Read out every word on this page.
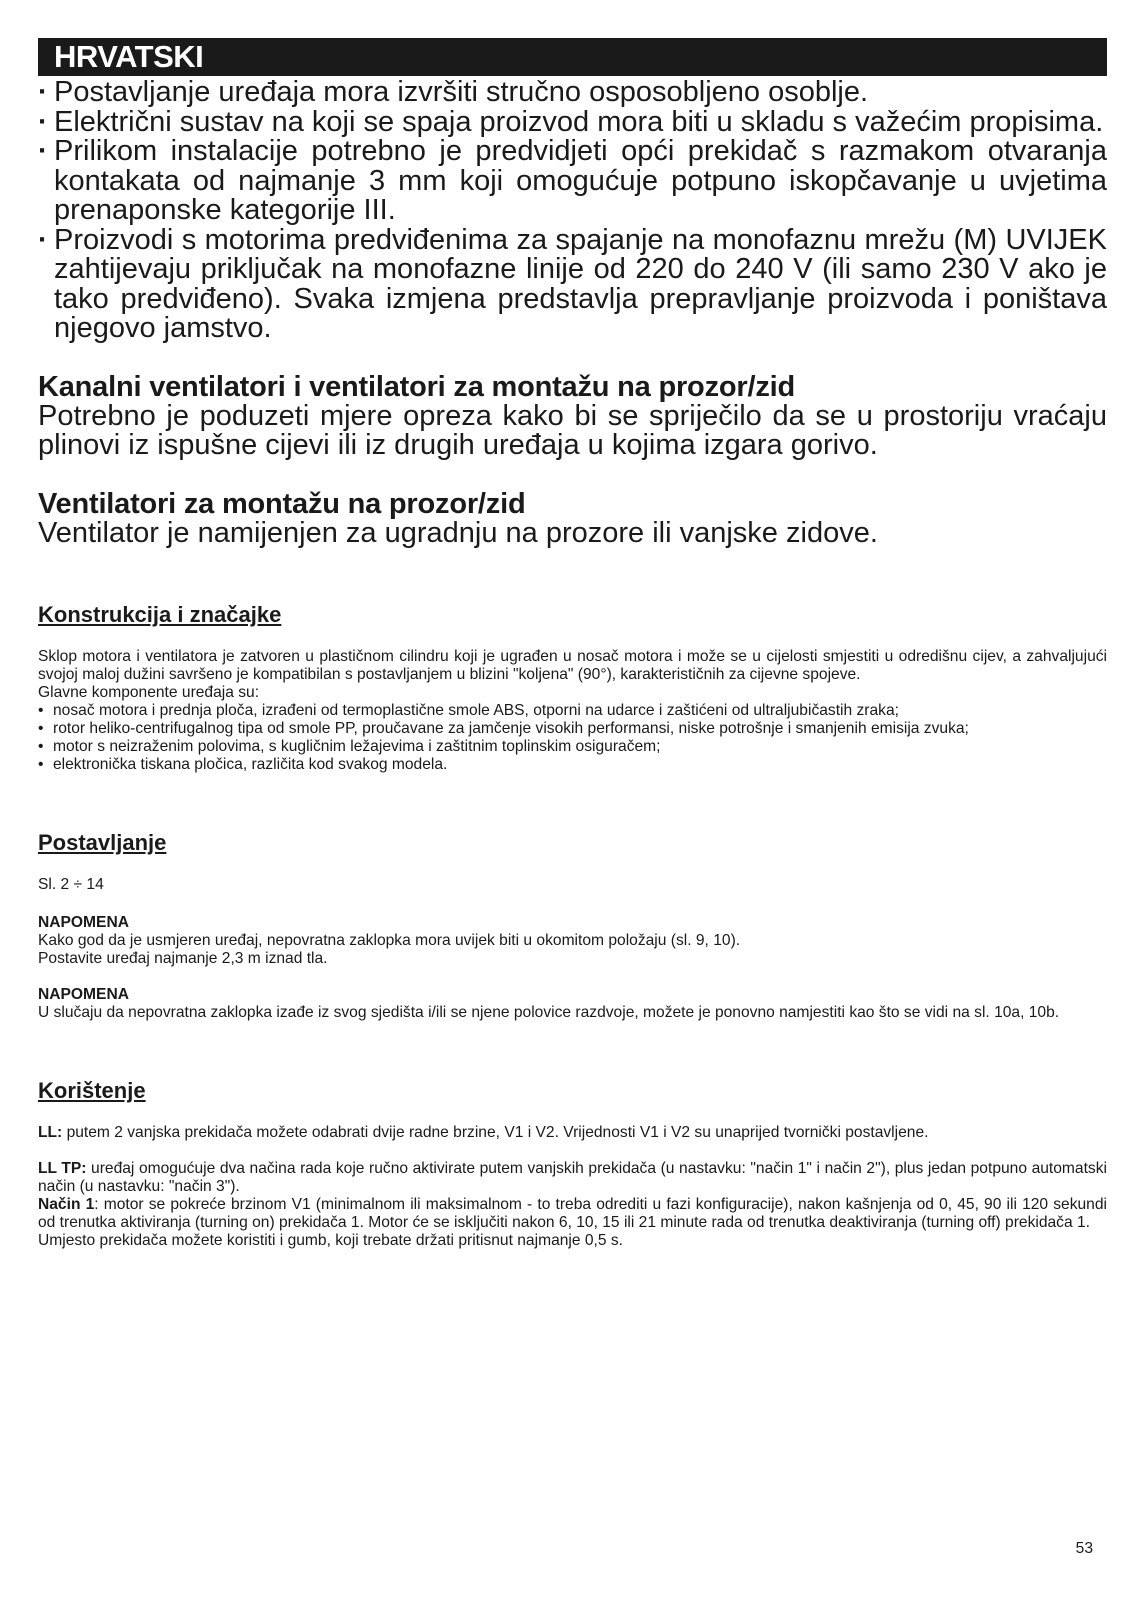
HRVATSKI
· Postavljanje uređaja mora izvršiti stručno osposobljeno osoblje.
· Električni sustav na koji se spaja proizvod mora biti u skladu s važećim propisima.
· Prilikom instalacije potrebno je predvidjeti opći prekidač s razmakom otvaranja kontakata od najmanje 3 mm koji omogućuje potpuno iskopčavanje u uvjetima prenaponske kategorije III.
· Proizvodi s motorima predviđenima za spajanje na monofaznu mrežu (M) UVIJEK zahtijevaju priključak na monofazne linije od 220 do 240 V (ili samo 230 V ako je tako predviđeno). Svaka izmjena predstavlja prepravljanje proizvoda i poništava njegovo jamstvo.
Kanalni ventilatori i ventilatori za montažu na prozor/zid
Potrebno je poduzeti mjere opreza kako bi se spriječilo da se u prostoriju vraćaju plinovi iz ispušne cijevi ili iz drugih uređaja u kojima izgara gorivo.
Ventilatori za montažu na prozor/zid
Ventilator je namijenjen za ugradnju na prozore ili vanjske zidove.
Konstrukcija i značajke
Sklop motora i ventilatora je zatvoren u plastičnom cilindru koji je ugrađen u nosač motora i može se u cijelosti smjestiti u odredišnu cijev, a zahvaljujući svojoj maloj dužini savršeno je kompatibilan s postavljanjem u blizini "koljena" (90°), karakterističnih za cijevne spojeve.
Glavne komponente uređaja su:
• nosač motora i prednja ploča, izrađeni od termoplastične smole ABS, otporni na udarce i zaštićeni od ultraljubičastih zraka;
• rotor heliko-centrifugalnog tipa od smole PP, proučavane za jamčenje visokih performansi, niske potrošnje i smanjenih emisija zvuka;
• motor s neizraženim polovima, s kugličnim ležajevima i zaštitnim toplinskim osiguračem;
• elektronička tiskana pločica, različita kod svakog modela.
Postavljanje
Sl. 2 ÷ 14
NAPOMENA
Kako god da je usmjeren uređaj, nepovratna zaklopka mora uvijek biti u okomitom položaju (sl. 9, 10).
Postavite uređaj najmanje 2,3 m iznad tla.
NAPOMENA
U slučaju da nepovratna zaklopka izađe iz svog sjedišta i/ili se njene polovice razdvoje, možete je ponovno namjestiti kao što se vidi na sl. 10a, 10b.
Korištenje
LL: putem 2 vanjska prekidača možete odabrati dvije radne brzine, V1 i V2. Vrijednosti V1 i V2 su unaprijed tvornički postavljene.
LL TP: uređaj omogućuje dva načina rada koje ručno aktivirate putem vanjskih prekidača (u nastavku: "način 1" i način 2"), plus jedan potpuno automatski način (u nastavku: "način 3").
Način 1: motor se pokreće brzinom V1 (minimalnom ili maksimalnom - to treba odrediti u fazi konfiguracije), nakon kašnjenja od 0, 45, 90 ili 120 sekundi od trenutka aktiviranja (turning on) prekidača 1. Motor će se isključiti nakon 6, 10, 15 ili 21 minute rada od trenutka deaktiviranja (turning off) prekidača 1.
Umjesto prekidača možete koristiti i gumb, koji trebate držati pritisnut najmanje 0,5 s.
53
